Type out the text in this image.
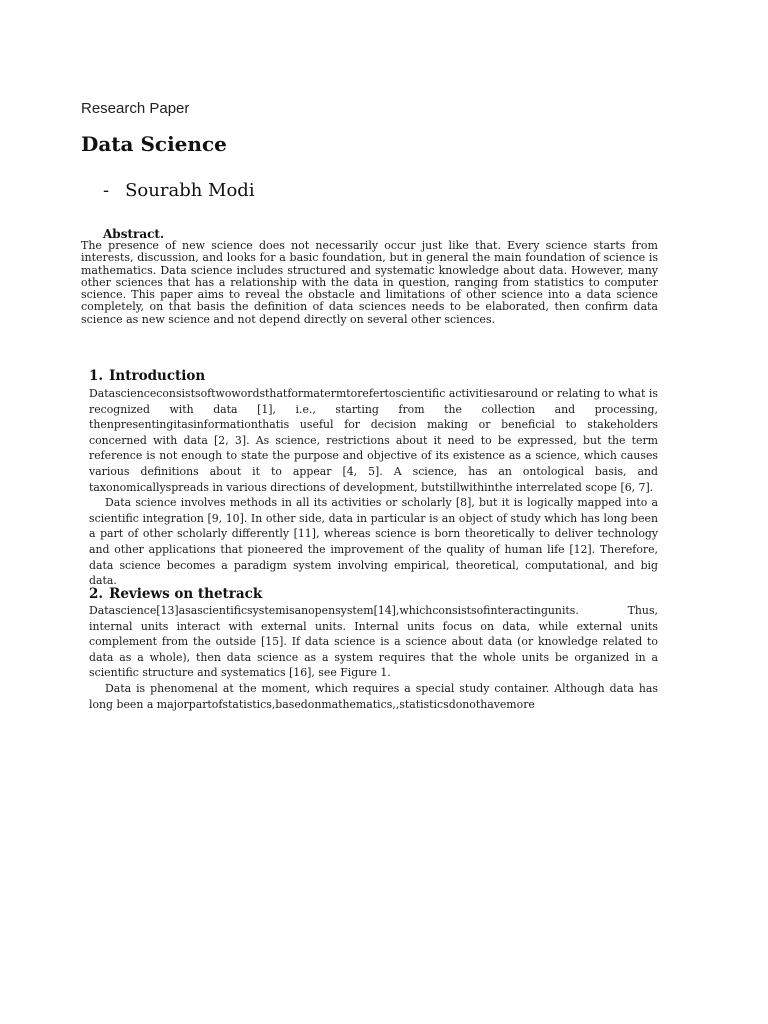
Research Paper
Data Science
- Sourabh Modi
Abstract.

The presence of new science does not necessarily occur just like that. Every science starts from interests, discussion, and looks for a basic foundation, but in general the main foundation of science is mathematics. Data science includes structured and systematic knowledge about data. However, many other sciences that has a relationship with the data in question, ranging from statistics to computer science. This paper aims to reveal the obstacle and limitations of other science into a data science completely, on that basis the definition of data sciences needs to be elaborated, then confirm data science as new science and not depend directly on several other sciences.

1. Introduction

Datascienceconsistsoftwowordsthatformatermtorefertoscientific activitiesaround or relating to what is recognized with data [1], i.e., starting from the collection and processing, thenpresentingitasinformationthatis useful for decision making or beneficial to stakeholders concerned with data [2, 3]. As science, restrictions about it need to be expressed, but the term reference is not enough to state the purpose and objective of its existence as a science, which causes various definitions about it to appear [4, 5]. A science, has an ontological basis, and taxonomicallyspreads in various directions of development, butstillwithinthe interrelated scope [6, 7].

Data science involves methods in all its activities or scholarly [8], but it is logically mapped into a scientific integration [9, 10]. In other side, data in particular is an object of study which has long been a part of other scholarly differently [11], whereas science is born theoretically to deliver technology and other applications that pioneered the improvement of the quality of human life [12]. Therefore, data science becomes a paradigm system involving empirical, theoretical, computational, and big data.

2. Reviews on thetrack

Datascience[13]asascientificsystemisanopensystem[14],whichconsistsofinteractingunits. Thus, internal units interact with external units. Internal units focus on data, while external units complement from the outside [15]. If data science is a science about data (or knowledge related to data as a whole), then data science as a system requires that the whole units be organized in a scientific structure and systematics [16], see Figure 1.

Data is phenomenal at the moment, which requires a special study container. Although data has long been a majorpartofstatistics,basedonmathematics,,statisticsdonothavemore
